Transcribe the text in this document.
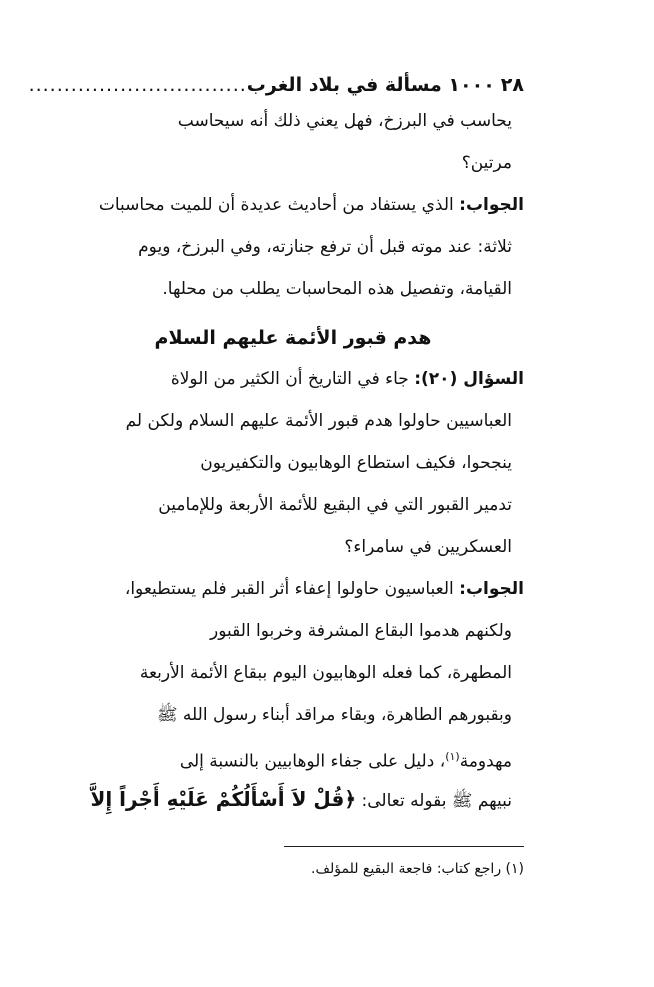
٢٨
١٠٠٠ مسألة في بلاد الغرب
...............................
يحاسب في البرزخ، فهل يعني ذلك أنه سيحاسب
مرتين؟
الجواب: الذي يستفاد من أحاديث عديدة أن للميت محاسبات
ثلاثة: عند موته قبل أن ترفع جنازته، وفي البرزخ، ويوم
القيامة، وتفصيل هذه المحاسبات يطلب من محلها.
هدم قبور الأئمة عليهم السلام
السؤال (٢٠): جاء في التاريخ أن الكثير من الولاة
العباسيين حاولوا هدم قبور الأئمة عليهم السلام ولكن لم
ينجحوا، فكيف استطاع الوهابيون والتكفيريون
تدمير القبور التي في البقيع للأئمة الأربعة وللإمامين
العسكريين في سامراء؟
الجواب: العباسيون حاولوا إعفاء أثر القبر فلم يستطيعوا،
ولكنهم هدموا البقاع المشرفة وخربوا القبور
المطهرة، كما فعله الوهابيون اليوم ببقاع الأئمة الأربعة
وبقبورهم الطاهرة، وبقاء مراقد أبناء رسول الله ﷺ
مهدومة$^{(١)}$، دليل على جفاء الوهابيين بالنسبة إلى
نبيهم ﷺ بقوله تعالى: ﴿قُلْ لاَ أَسْأَلُكُمْ عَلَيْهِ أَجْراً إِلاَّ
(١) راجع كتاب: فاجعة البقيع للمؤلف.
